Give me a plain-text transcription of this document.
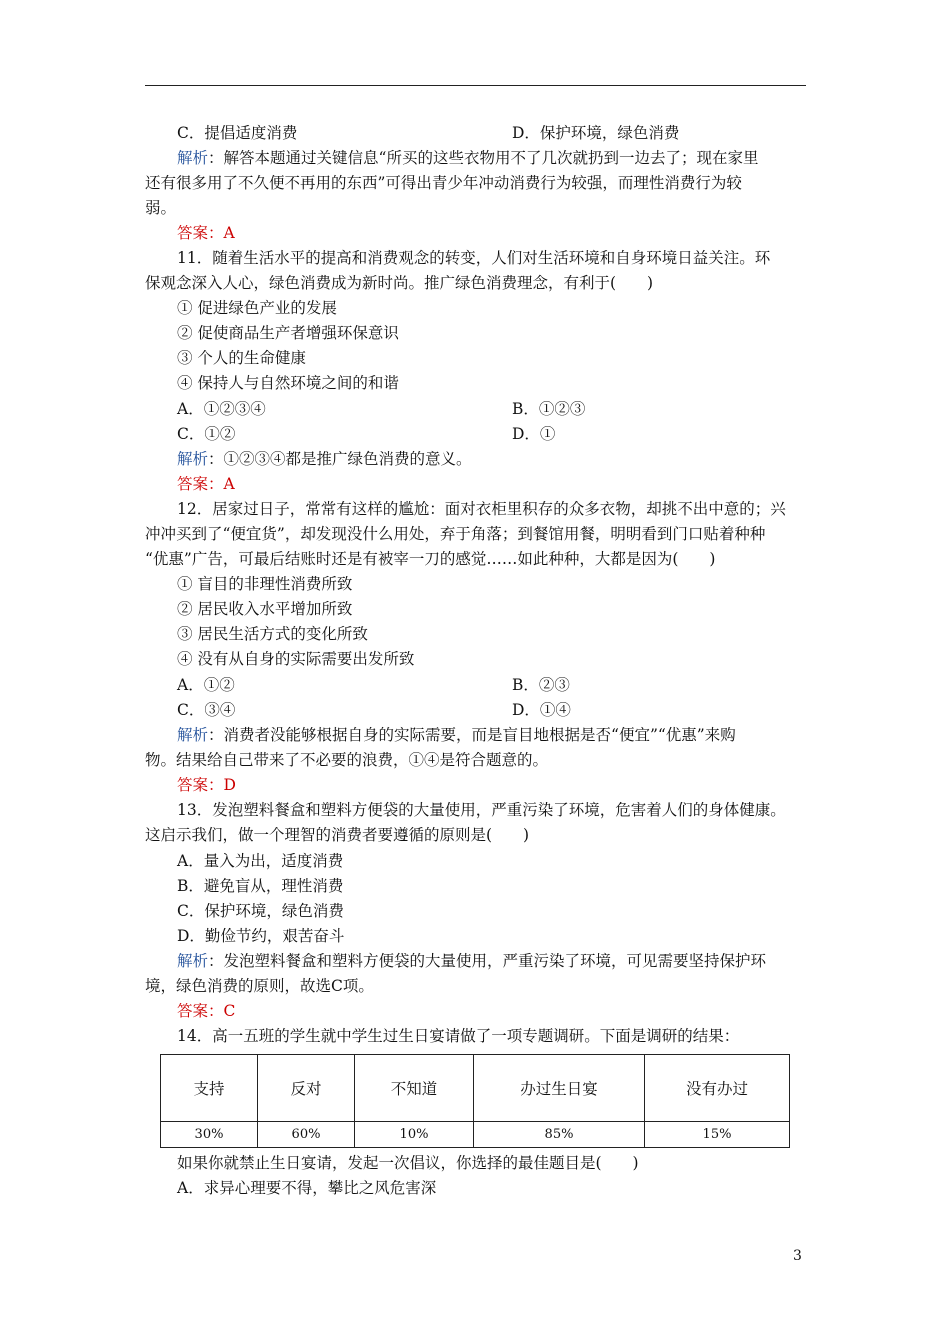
C．提倡适度消费	D．保护环境，绿色消费
解析：解答本题通过关键信息“所买的这些衣物用不了几次就扔到一边去了；现在家里
还有很多用了不久便不再用的东西”可得出青少年冲动消费行为较强，而理性消费行为较
弱。
答案：A
11．随着生活水平的提高和消费观念的转变，人们对生活环境和自身环境日益关注。环
保观念深入人心，绿色消费成为新时尚。推广绿色消费理念，有利于(　　)
① 促进绿色产业的发展
② 促使商品生产者增强环保意识
③ 个人的生命健康
④ 保持人与自然环境之间的和谐
A．①②③④	B．①②③
C．①②	D．①
解析：①②③④都是推广绿色消费的意义。
答案：A
12．居家过日子，常常有这样的尴尬：面对衣柜里积存的众多衣物，却挑不出中意的；兴
冲冲买到了“便宜货”，却发现没什么用处，弃于角落；到餐馆用餐，明明看到门口贴着种种
“优惠”广告，可最后结账时还是有被宰一刀的感觉……如此种种，大都是因为(　　)
① 盲目的非理性消费所致
② 居民收入水平增加所致
③ 居民生活方式的变化所致
④ 没有从自身的实际需要出发所致
A．①②	B．②③
C．③④	D．①④
解析：消费者没能够根据自身的实际需要，而是盲目地根据是否“便宜”“优惠”来购
物。结果给自己带来了不必要的浪费，①④是符合题意的。
答案：D
13．发泡塑料餐盒和塑料方便袋的大量使用，严重污染了环境，危害着人们的身体健康。
这启示我们，做一个理智的消费者要遵循的原则是(　　)
A．量入为出，适度消费
B．避免盲从，理性消费
C．保护环境，绿色消费
D．勤俭节约，艰苦奋斗
解析：发泡塑料餐盒和塑料方便袋的大量使用，严重污染了环境，可见需要坚持保护环
境，绿色消费的原则，故选C项。
答案：C
14．高一五班的学生就中学生过生日宴请做了一项专题调研。下面是调研的结果：
支持	反对	不知道	办过生日宴	没有办过
30%	60%	10%	85%	15%
如果你就禁止生日宴请，发起一次倡议，你选择的最佳题目是(　　)
A．求异心理要不得，攀比之风危害深
3
